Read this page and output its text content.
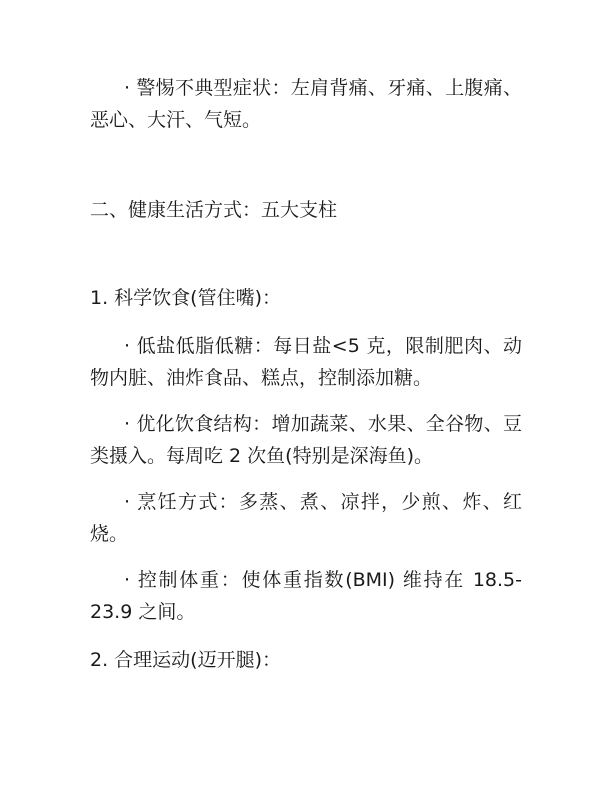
· 警惕不典型症状：左肩背痛、牙痛、上腹痛、恶心、大汗、气短。

二、健康生活方式：五大支柱

1. 科学饮食(管住嘴)：

· 低盐低脂低糖：每日盐<5 克，限制肥肉、动物内脏、油炸食品、糕点，控制添加糖。

· 优化饮食结构：增加蔬菜、水果、全谷物、豆类摄入。每周吃 2 次鱼(特别是深海鱼)。

· 烹饪方式：多蒸、煮、凉拌，少煎、炸、红烧。

· 控制体重：使体重指数(BMI) 维持在 18.5-23.9 之间。

2. 合理运动(迈开腿)：
